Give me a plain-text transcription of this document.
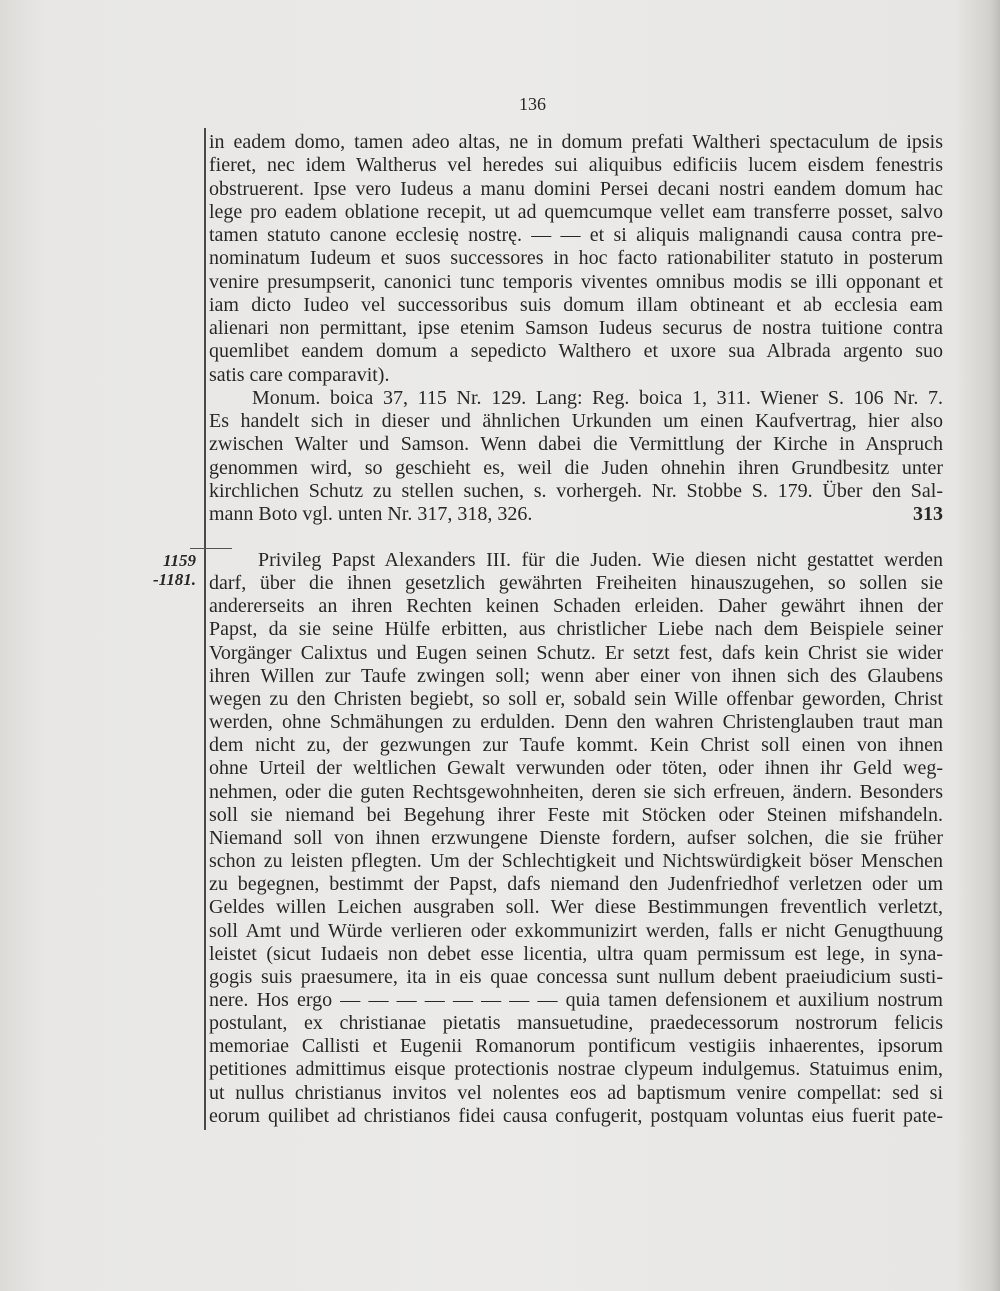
136
1159
-1181.
in eadem domo, tamen adeo altas, ne in domum prefati Waltheri spectaculum de ipsis
fieret, nec idem Waltherus vel heredes sui aliquibus edificiis lucem eisdem fenestris
obstruerent. Ipse vero Iudeus a manu domini Persei decani nostri eandem domum hac
lege pro eadem oblatione recepit, ut ad quemcumque vellet eam transferre posset, salvo
tamen statuto canone ecclesię nostrę. — — et si aliquis malignandi causa contra pre-
nominatum Iudeum et suos successores in hoc facto rationabiliter statuto in posterum
venire presumpserit, canonici tunc temporis viventes omnibus modis se illi opponant et
iam dicto Iudeo vel successoribus suis domum illam obtineant et ab ecclesia eam
alienari non permittant, ipse etenim Samson Iudeus securus de nostra tuitione contra
quemlibet eandem domum a sepedicto Walthero et uxore sua Albrada argento suo
satis care comparavit).
Monum. boica 37, 115 Nr. 129. Lang: Reg. boica 1, 311. Wiener S. 106 Nr. 7.
Es handelt sich in dieser und ähnlichen Urkunden um einen Kaufvertrag, hier also
zwischen Walter und Samson. Wenn dabei die Vermittlung der Kirche in Anspruch
genommen wird, so geschieht es, weil die Juden ohnehin ihren Grundbesitz unter
kirchlichen Schutz zu stellen suchen, s. vorhergeh. Nr. Stobbe S. 179. Über den Sal-
mann Boto vgl. unten Nr. 317, 318, 326.	313
Privileg Papst Alexanders III. für die Juden. Wie diesen nicht gestattet werden
darf, über die ihnen gesetzlich gewährten Freiheiten hinauszugehen, so sollen sie
andererseits an ihren Rechten keinen Schaden erleiden. Daher gewährt ihnen der
Papst, da sie seine Hülfe erbitten, aus christlicher Liebe nach dem Beispiele seiner
Vorgänger Calixtus und Eugen seinen Schutz. Er setzt fest, dafs kein Christ sie wider
ihren Willen zur Taufe zwingen soll; wenn aber einer von ihnen sich des Glaubens
wegen zu den Christen begiebt, so soll er, sobald sein Wille offenbar geworden, Christ
werden, ohne Schmähungen zu erdulden. Denn den wahren Christenglauben traut man
dem nicht zu, der gezwungen zur Taufe kommt. Kein Christ soll einen von ihnen
ohne Urteil der weltlichen Gewalt verwunden oder töten, oder ihnen ihr Geld weg-
nehmen, oder die guten Rechtsgewohnheiten, deren sie sich erfreuen, ändern. Besonders
soll sie niemand bei Begehung ihrer Feste mit Stöcken oder Steinen mifshandeln.
Niemand soll von ihnen erzwungene Dienste fordern, aufser solchen, die sie früher
schon zu leisten pflegten. Um der Schlechtigkeit und Nichtswürdigkeit böser Menschen
zu begegnen, bestimmt der Papst, dafs niemand den Judenfriedhof verletzen oder um
Geldes willen Leichen ausgraben soll. Wer diese Bestimmungen freventlich verletzt,
soll Amt und Würde verlieren oder exkommunizirt werden, falls er nicht Genugthuung
leistet (sicut Iudaeis non debet esse licentia, ultra quam permissum est lege, in syna-
gogis suis praesumere, ita in eis quae concessa sunt nullum debent praeiudicium susti-
nere. Hos ergo — — — — — — — — quia tamen defensionem et auxilium nostrum
postulant, ex christianae pietatis mansuetudine, praedecessorum nostrorum felicis
memoriae Callisti et Eugenii Romanorum pontificum vestigiis inhaerentes, ipsorum
petitiones admittimus eisque protectionis nostrae clypeum indulgemus. Statuimus enim,
ut nullus christianus invitos vel nolentes eos ad baptismum venire compellat: sed si
eorum quilibet ad christianos fidei causa confugerit, postquam voluntas eius fuerit pate-
